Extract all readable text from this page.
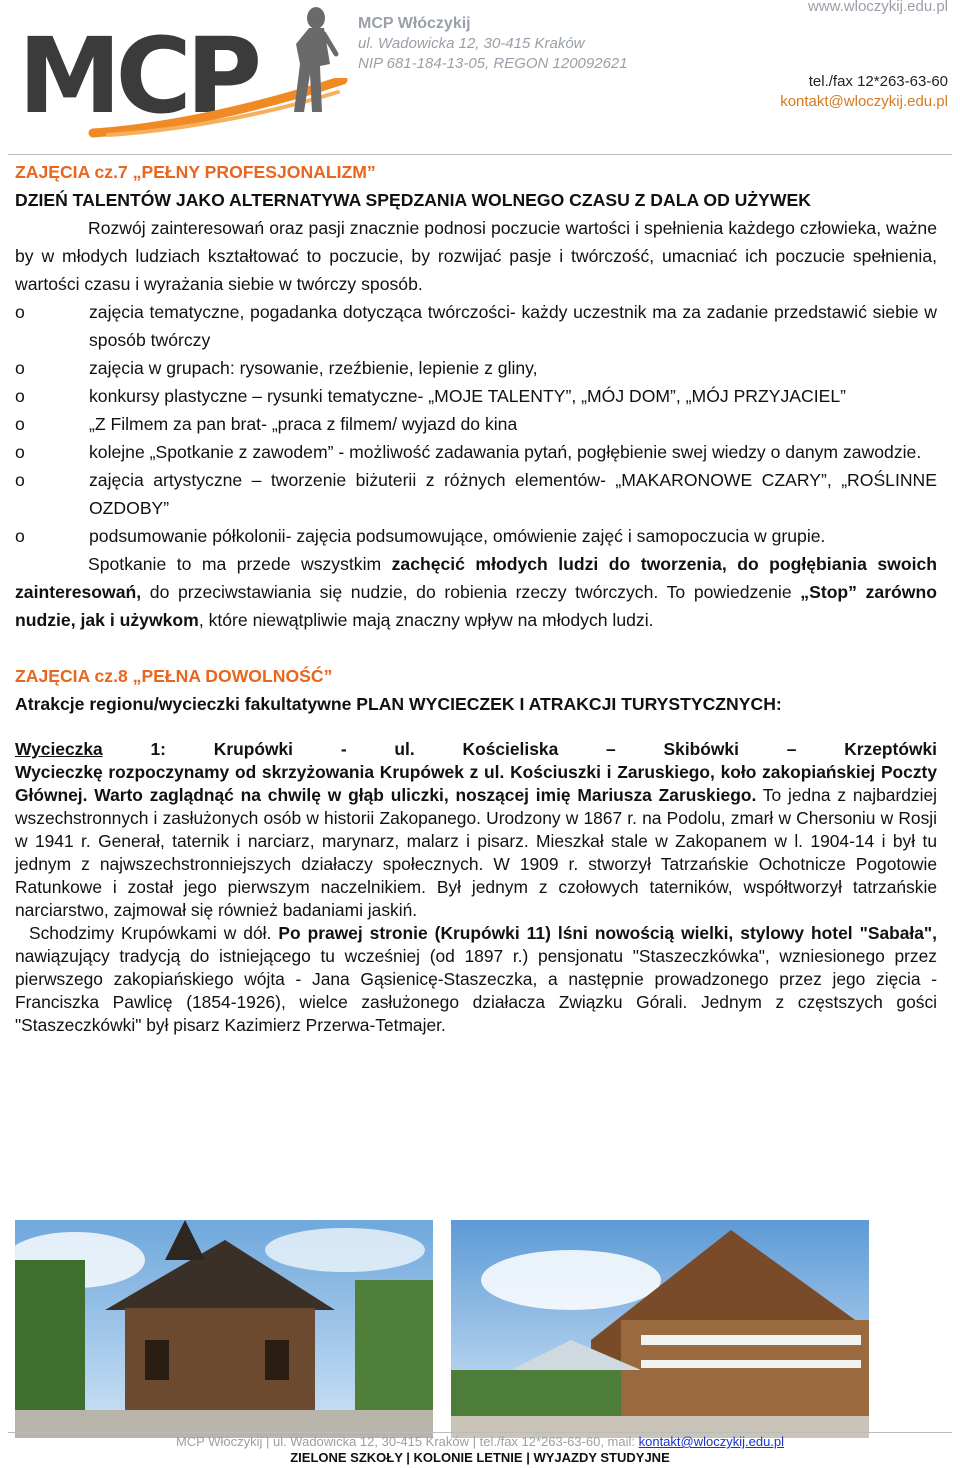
MCP	MCP Włóczykij
ul. Wadowicka 12, 30-415 Kraków
NIP 681-184-13-05, REGON 120092621
www.wloczykij.edu.pl
tel./fax 12*263-63-60
kontakt@wloczykij.edu.pl
ZAJĘCIA cz.7 „PEŁNY PROFESJONALIZM”
DZIEŃ TALENTÓW JAKO ALTERNATYWA SPĘDZANIA WOLNEGO CZASU Z DALA OD UŻYWEK

Rozwój zainteresowań oraz pasji znacznie podnosi poczucie wartości i spełnienia każdego człowieka, ważne by w młodych ludziach kształtować to poczucie, by rozwijać pasje i twórczość, umacniać ich poczucie spełnienia, wartości czasu i wyrażania siebie w twórczy sposób.

o	zajęcia tematyczne, pogadanka dotycząca twórczości- każdy uczestnik ma za zadanie przedstawić siebie w sposób twórczy
o	zajęcia w grupach: rysowanie, rzeźbienie, lepienie z gliny,
o	konkursy plastyczne – rysunki tematyczne- „MOJE TALENTY”, „MÓJ DOM”, „MÓJ PRZYJACIEL”
o	„Z Filmem za pan brat- „praca z filmem/ wyjazd do kina
o	kolejne „Spotkanie z zawodem” - możliwość zadawania pytań, pogłębienie swej wiedzy o danym zawodzie.
o	zajęcia artystyczne – tworzenie biżuterii z różnych elementów- „MAKARONOWE CZARY”, „ROŚLINNE OZDOBY”
o	podsumowanie półkolonii- zajęcia podsumowujące, omówienie zajęć i samopoczucia w grupie.

Spotkanie to ma przede wszystkim zachęcić młodych ludzi do tworzenia, do pogłębiania swoich zainteresowań, do przeciwstawiania się nudzie, do robienia rzeczy twórczych. To powiedzenie „Stop” zarówno nudzie, jak i używkom, które niewątpliwie mają znaczny wpływ na młodych ludzi.

ZAJĘCIA cz.8 „PEŁNA DOWOLNOŚĆ”
Atrakcje regionu/wycieczki fakultatywne PLAN WYCIECZEK I ATRAKCJI TURYSTYCZNYCH:

Wycieczka 1: Krupówki - ul. Kościeliska – Skibówki – Krzeptówki

Wycieczkę rozpoczynamy od skrzyżowania Krupówek z ul. Kościuszki i Zaruskiego, koło zakopiańskiej Poczty Głównej. Warto zaglądnąć na chwilę w głąb uliczki, noszącej imię Mariusza Zaruskiego. To jedna z najbardziej wszechstronnych i zasłużonych osób w historii Zakopanego. Urodzony w 1867 r. na Podolu, zmarł w Chersoniu w Rosji w 1941 r. Generał, taternik i narciarz, marynarz, malarz i pisarz. Mieszkał stale w Zakopanem w l. 1904-14 i był tu jednym z najwszechstronniejszych działaczy społecznych. W 1909 r. stworzył Tatrzańskie Ochotnicze Pogotowie Ratunkowe i został jego pierwszym naczelnikiem. Był jednym z czołowych taterników, współtworzył tatrzańskie narciarstwo, zajmował się również badaniami jaskiń.

Schodzimy Krupówkami w dół. Po prawej stronie (Krupówki 11) lśni nowością wielki, stylowy hotel "Sabała", nawiązujący tradycją do istniejącego tu wcześniej (od 1897 r.) pensjonatu "Staszeczkówka", wzniesionego przez pierwszego zakopiańskiego wójta - Jana Gąsienicę-Staszeczka, a następnie prowadzonego przez jego zięcia - Franciszka Pawlicę (1854-1926), wielce zasłużonego działacza Związku Górali. Jednym z częstszych gości "Staszeczkówki" był pisarz Kazimierz Przerwa-Tetmajer.

MCP Włóczykij | ul. Wadowicka 12, 30-415 Kraków | tel./fax 12*263-63-60, mail: kontakt@wloczykij.edu.pl
ZIELONE SZKOŁY | KOLONIE LETNIE | WYJAZDY STUDYJNE
